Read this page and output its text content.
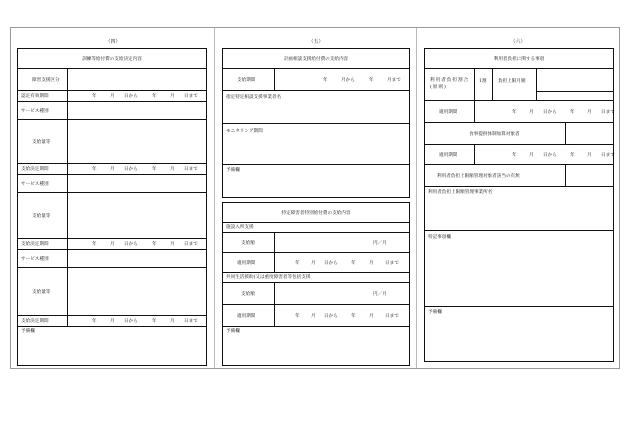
（四）	（五）	（六）
訓練等給付費の支給決定内容
障害支援区分
認定有効期間	年	月 日から	年	月 日まで
サービス種別
支給量等
支給決定期間	年	月 日から	年	月 日まで
サービス種別
支給量等
支給決定期間	年	月 日から	年	月 日まで
サービス種別
支給量等
支給決定期間	年	月 日から	年	月 日まで
予備欄
計画相談支援給付費の支給内容
支給期間	年	月から	年	月まで
指定特定相談支援事業者名
モニタリング期間
予備欄
特定障害者特別給付費の支給内容
施設入所支援
支給額	円／月
適用期間	年 月 日から	年	月 日まで
共同生活援助(又は重度障害者等包括支援
支給額	円／月
適用期間	年 月 日から	年	月 日まで
予備欄
利用者負担に関する事項
利用者負担割合(原則)
1割 負担上限月額
適用期間	年	月 日から	年	月 日まで
食事提供体制加算対象者
適用期間	年	月 日から	年	月 日まで
利用者負担上限額管理対象者該当の有無
利用者負担上限額管理事業所名
特記事項欄
予備欄
